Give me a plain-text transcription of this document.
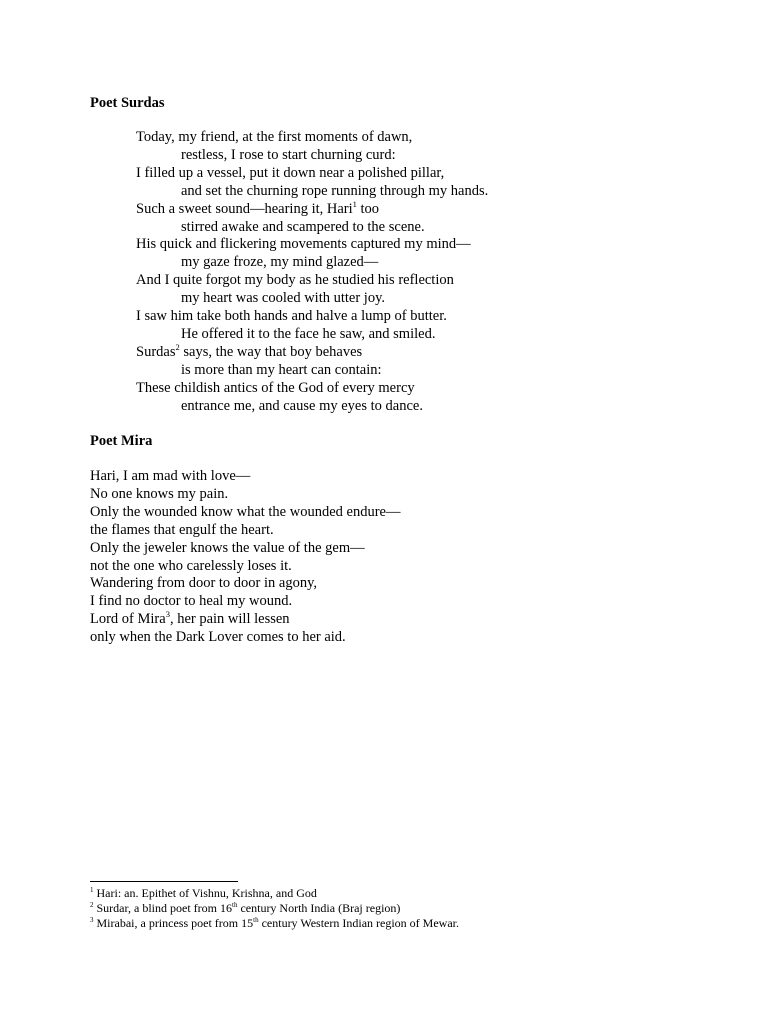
Poet Surdas
Today, my friend, at the first moments of dawn,
restless, I rose to start churning curd:
I filled up a vessel, put it down near a polished pillar,
and set the churning rope running through my hands.
Such a sweet sound—hearing it, Hari$^1$ too
stirred awake and scampered to the scene.
His quick and flickering movements captured my mind—
my gaze froze, my mind glazed—
And I quite forgot my body as he studied his reflection
my heart was cooled with utter joy.
I saw him take both hands and halve a lump of butter.
He offered it to the face he saw, and smiled.
Surdas$^2$ says, the way that boy behaves
is more than my heart can contain:
These childish antics of the God of every mercy
entrance me, and cause my eyes to dance.
Poet Mira
Hari, I am mad with love—
No one knows my pain.
Only the wounded know what the wounded endure—
the flames that engulf the heart.
Only the jeweler knows the value of the gem—
not the one who carelessly loses it.
Wandering from door to door in agony,
I find no doctor to heal my wound.
Lord of Mira$^3$, her pain will lessen
only when the Dark Lover comes to her aid.
$^1$ Hari: an. Epithet of Vishnu, Krishna, and God
$^2$ Surdar, a blind poet from 16th century North India (Braj region)
$^3$ Mirabai, a princess poet from 15th century Western Indian region of Mewar.
